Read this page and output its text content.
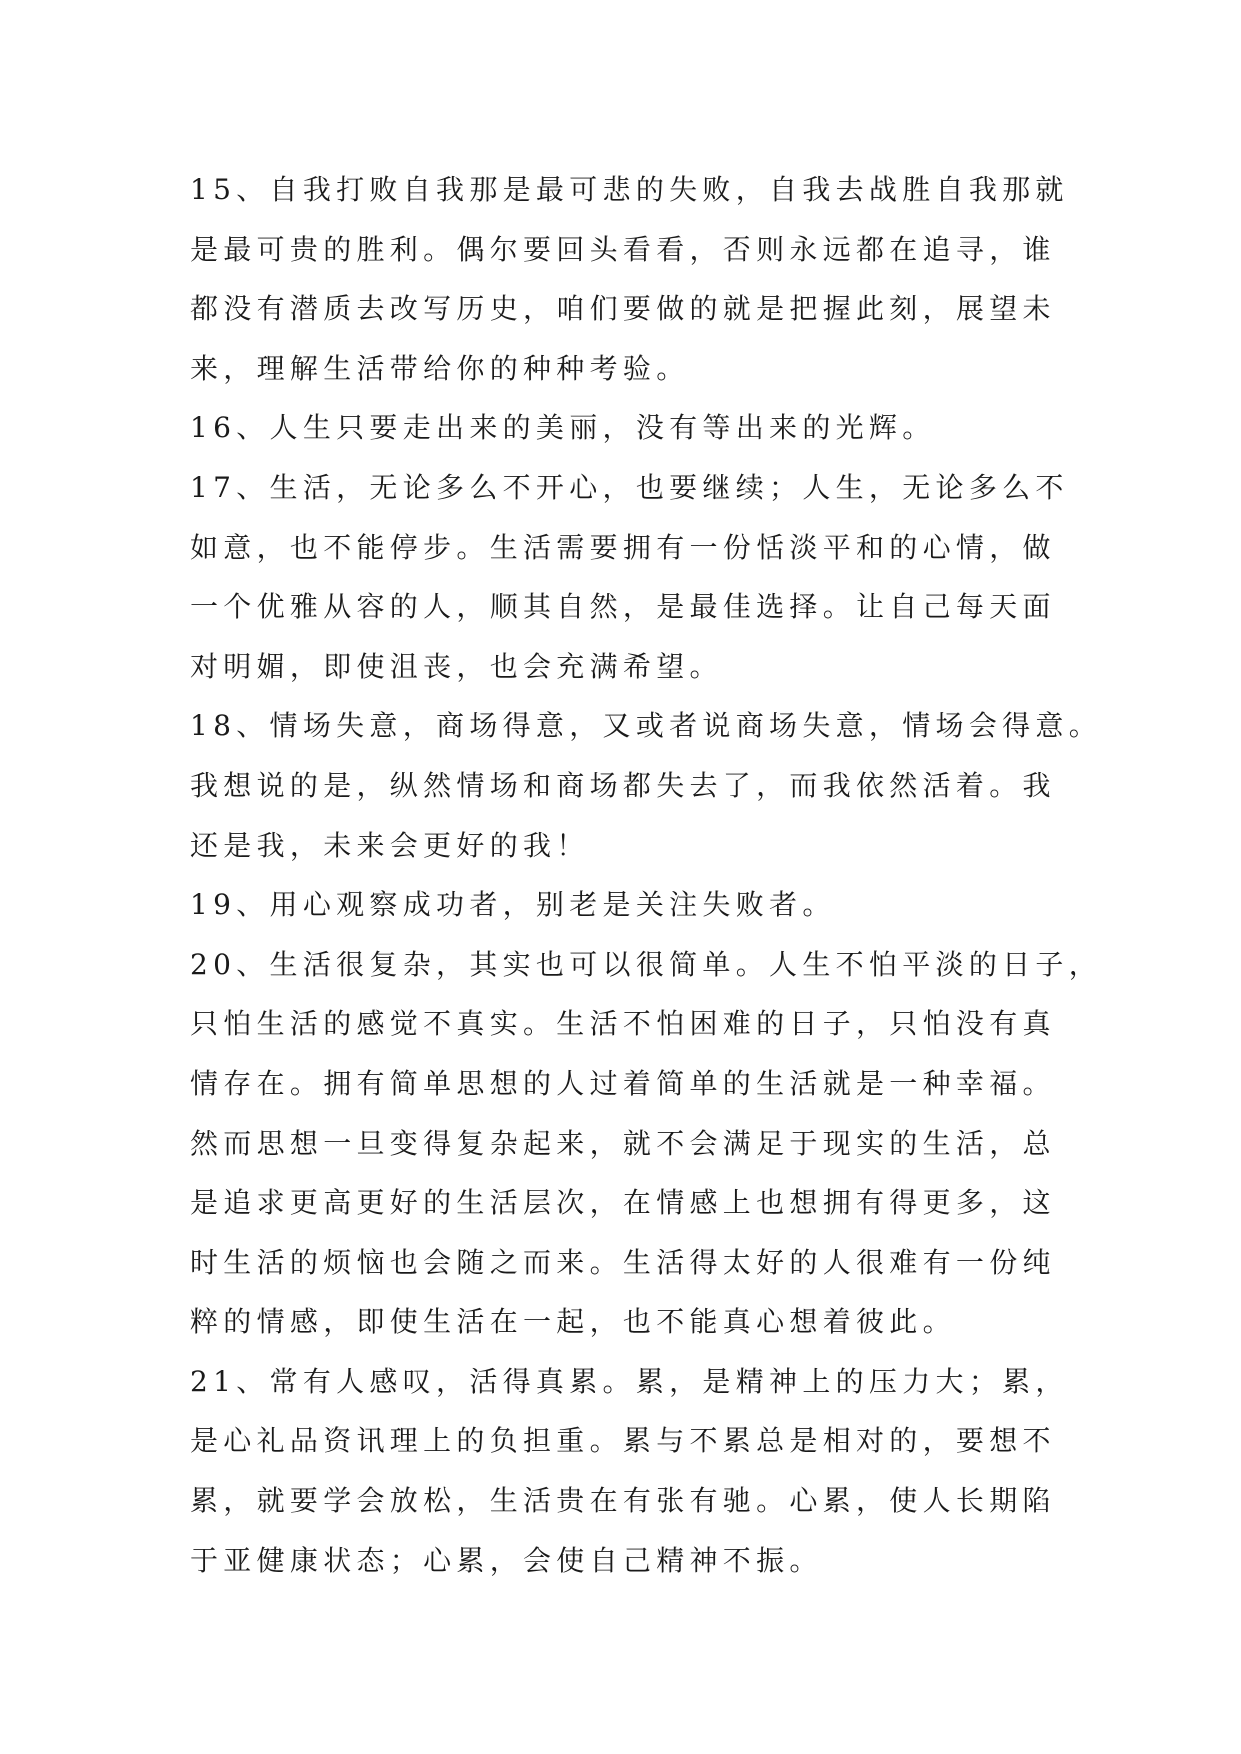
15、自我打败自我那是最可悲的失败，自我去战胜自我那就
是最可贵的胜利。偶尔要回头看看，否则永远都在追寻，谁
都没有潜质去改写历史，咱们要做的就是把握此刻，展望未
来，理解生活带给你的种种考验。
16、人生只要走出来的美丽，没有等出来的光辉。
17、生活，无论多么不开心，也要继续；人生，无论多么不
如意，也不能停步。生活需要拥有一份恬淡平和的心情，做
一个优雅从容的人，顺其自然，是最佳选择。让自己每天面
对明媚，即使沮丧，也会充满希望。
18、情场失意，商场得意，又或者说商场失意，情场会得意。
我想说的是，纵然情场和商场都失去了，而我依然活着。我
还是我，未来会更好的我！
19、用心观察成功者，别老是关注失败者。
20、生活很复杂，其实也可以很简单。人生不怕平淡的日子，
只怕生活的感觉不真实。生活不怕困难的日子，只怕没有真
情存在。拥有简单思想的人过着简单的生活就是一种幸福。
然而思想一旦变得复杂起来，就不会满足于现实的生活，总
是追求更高更好的生活层次，在情感上也想拥有得更多，这
时生活的烦恼也会随之而来。生活得太好的人很难有一份纯
粹的情感，即使生活在一起，也不能真心想着彼此。
21、常有人感叹，活得真累。累，是精神上的压力大；累，
是心礼品资讯理上的负担重。累与不累总是相对的，要想不
累，就要学会放松，生活贵在有张有驰。心累，使人长期陷
于亚健康状态；心累，会使自己精神不振。
